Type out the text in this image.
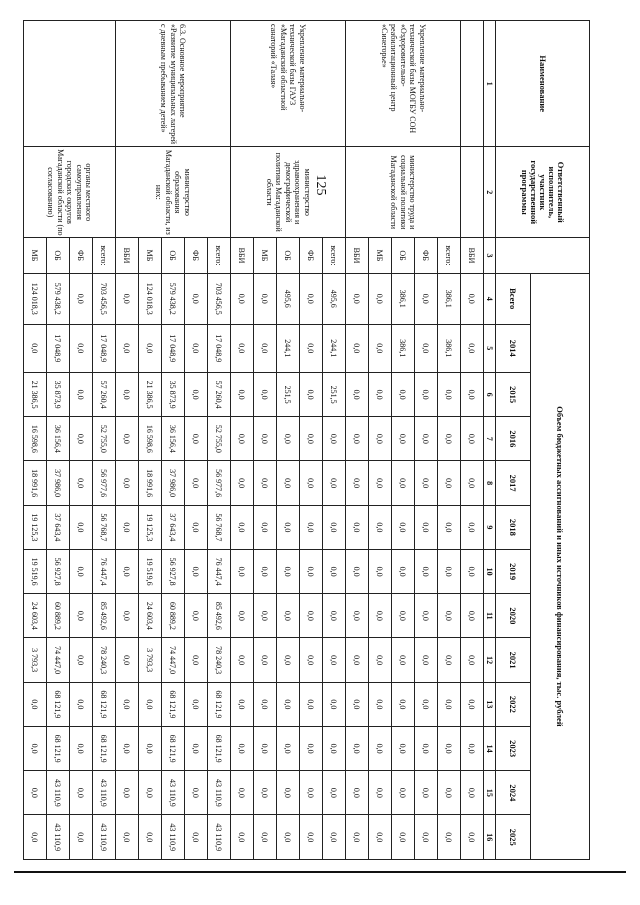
125
Наименование	Ответственный исполнитель, участник государственной программы		Объем бюджетных ассигнований и иных источников финансирования, тыс. рублей												
			Всего	2014	2015	2016	2017	2018	2019	2020	2021	2022	2023	2024	2025
1	2	3	4	5	6	7	8	9	10	11	12	13	14	15	16
		ВБИ	0,0	0,0	0,0	0,0	0,0	0,0	0,0	0,0	0,0	0,0	0,0	0,0	0,0
Укрепление материально-технической базы МОГБУ СОН «Оздоровительно-реабилитационный центр «Синегорье»	министерство труда и социальной политики Магаданской области	всего:	386,1	386,1	0,0	0,0	0,0	0,0	0,0	0,0	0,0	0,0	0,0	0,0	0,0
		ФБ	0,0	0,0	0,0	0,0	0,0	0,0	0,0	0,0	0,0	0,0	0,0	0,0	0,0
		ОБ	386,1	386,1	0,0	0,0	0,0	0,0	0,0	0,0	0,0	0,0	0,0	0,0	0,0
		МБ	0,0	0,0	0,0	0,0	0,0	0,0	0,0	0,0	0,0	0,0	0,0	0,0	0,0
		ВБИ	0,0	0,0	0,0	0,0	0,0	0,0	0,0	0,0	0,0	0,0	0,0	0,0	0,0
Укрепление материально-технической базы ГАУЗ «Магаданский областной санаторий «Талая»	министерство здравоохранения и демографической политики Магаданской области	всего:	495,6	244,1	251,5	0,0	0,0	0,0	0,0	0,0	0,0	0,0	0,0	0,0	0,0
		ФБ	0,0	0,0	0,0	0,0	0,0	0,0	0,0	0,0	0,0	0,0	0,0	0,0	0,0
		ОБ	495,6	244,1	251,5	0,0	0,0	0,0	0,0	0,0	0,0	0,0	0,0	0,0	0,0
		МБ	0,0	0,0	0,0	0,0	0,0	0,0	0,0	0,0	0,0	0,0	0,0	0,0	0,0
		ВБИ	0,0	0,0	0,0	0,0	0,0	0,0	0,0	0,0	0,0	0,0	0,0	0,0	0,0
6.3. Основное мероприятие «Развитие муниципальных лагерей с дневным пребыванием детей»	министерство образования Магаданской области, из них:	всего:	703 456,5	17 048,9	57 260,4	52 755,0	56 977,6	56 768,7	76 447,4	85 492,6	78 240,3	68 121,9	68 121,9	43 110,9	43 110,9
		ФБ	0,0	0,0	0,0	0,0	0,0	0,0	0,0	0,0	0,0	0,0	0,0	0,0	0,0
		ОБ	579 438,2	17 048,9	35 873,9	36 156,4	37 986,0	37 643,4	56 927,8	60 889,2	74 447,0	68 121,9	68 121,9	43 110,9	43 110,9
		МБ	124 018,3	0,0	21 386,5	16 598,6	18 991,6	19 125,3	19 519,6	24 603,4	3 793,3	0,0	0,0	0,0	0,0
		ВБИ	0,0	0,0	0,0	0,0	0,0	0,0	0,0	0,0	0,0	0,0	0,0	0,0	0,0
	органы местного самоуправления городских округов Магаданской области (по согласованию)	всего:	703 456,5	17 048,9	57 260,4	52 755,0	56 977,6	56 768,7	76 447,4	85 492,6	78 240,3	68 121,9	68 121,9	43 110,9	43 110,9
		ФБ	0,0	0,0	0,0	0,0	0,0	0,0	0,0	0,0	0,0	0,0	0,0	0,0	0,0
		ОБ	579 438,2	17 048,9	35 873,9	36 156,4	37 986,0	37 643,4	56 927,8	60 889,2	74 447,0	68 121,9	68 121,9	43 110,9	43 110,9
		МБ	124 018,3	0,0	21 386,5	16 598,6	18 991,6	19 125,3	19 519,6	24 603,4	3 793,3	0,0	0,0	0,0	0,0
